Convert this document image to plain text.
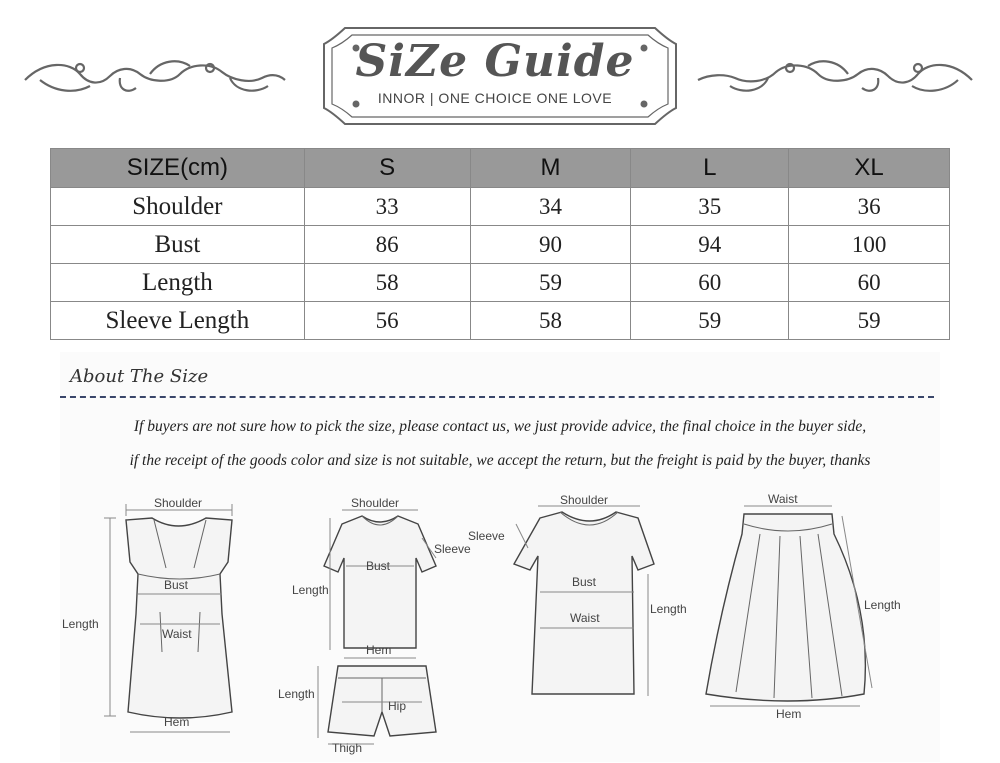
SiZe Guide
INNOR | ONE CHOICE ONE LOVE
SIZE(cm)	S	M	L	XL
Shoulder	33	34	35	36
Bust	86	90	94	100
Length	58	59	60	60
Sleeve Length	56	58	59	59
About The Size
If buyers are not sure how to pick the size, please contact us, we just provide advice, the final choice in the buyer side,
if the receipt of the goods color and size is not suitable, we accept the return, but the freight is paid by the buyer, thanks
Shoulder
Bust
Waist
Length
Hem
Shoulder
Sleeve
Bust
Length
Hem
Length
Hip
Thigh
Shoulder
Sleeve
Bust
Waist
Length
Waist
Length
Hem
